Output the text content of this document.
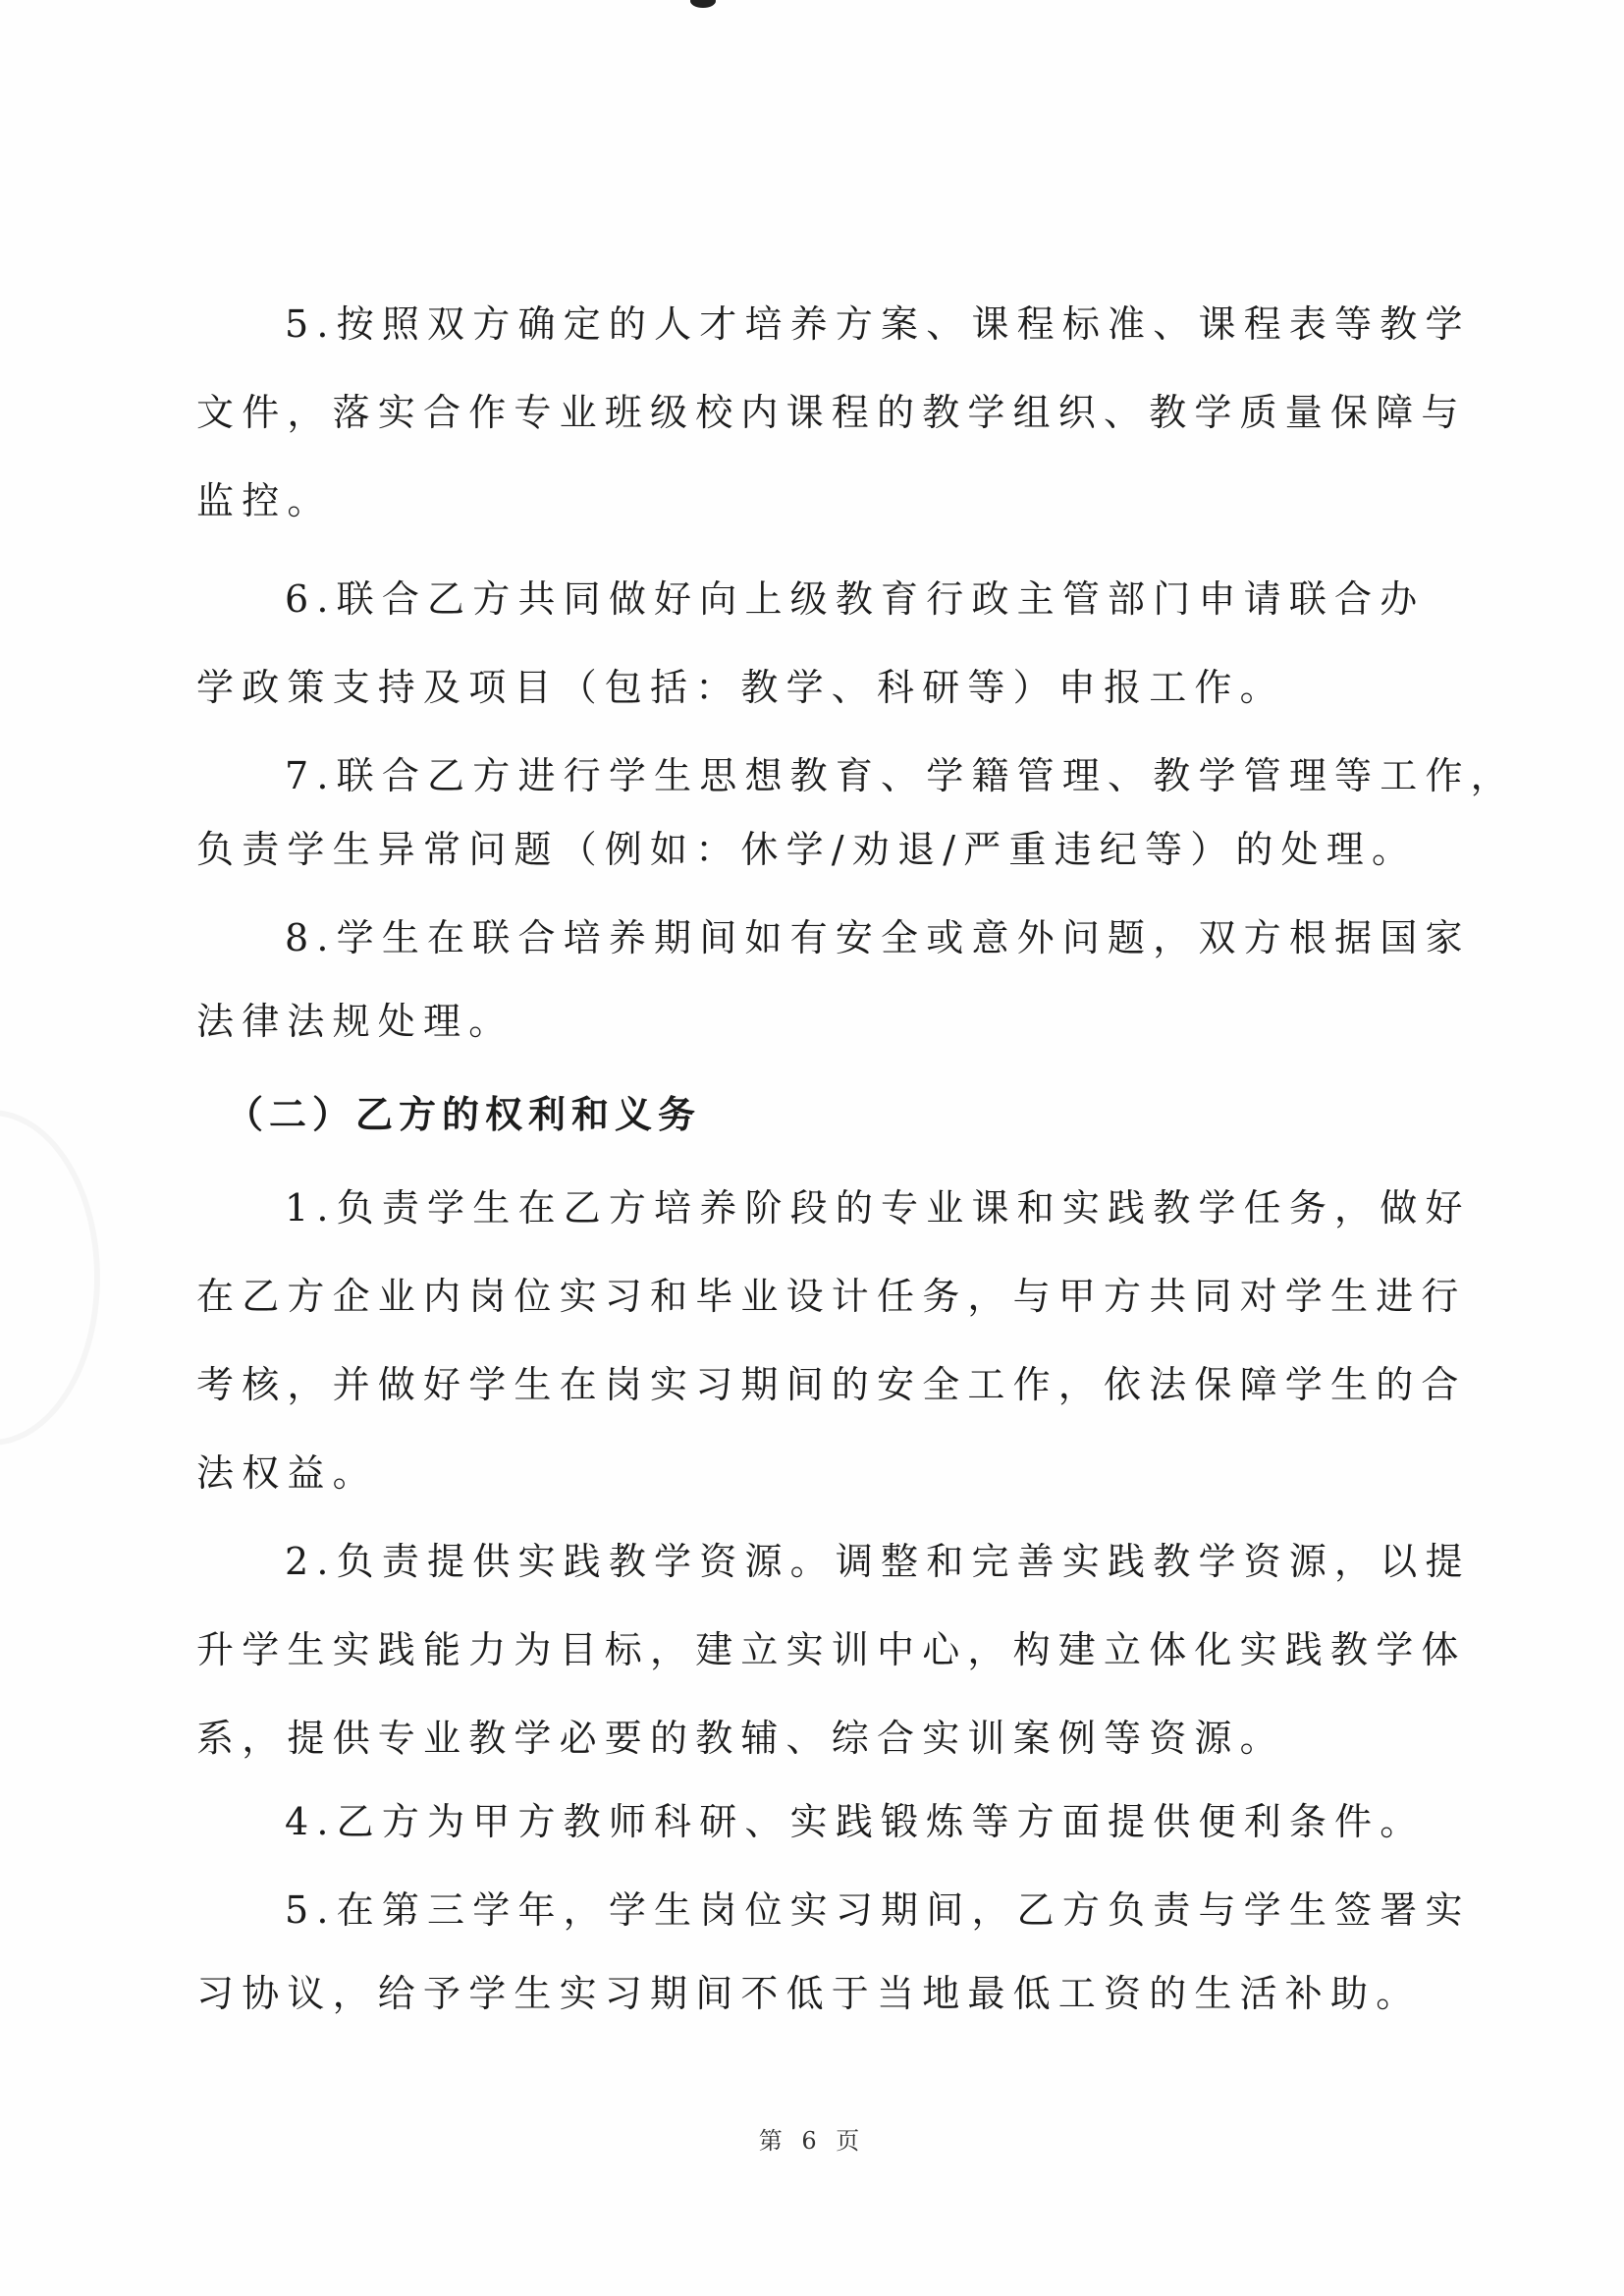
5.按照双方确定的人才培养方案、课程标准、课程表等教学
文件，落实合作专业班级校内课程的教学组织、教学质量保障与
监控。
6.联合乙方共同做好向上级教育行政主管部门申请联合办
学政策支持及项目（包括：教学、科研等）申报工作。
7.联合乙方进行学生思想教育、学籍管理、教学管理等工作，
负责学生异常问题（例如：休学/劝退/严重违纪等）的处理。
8.学生在联合培养期间如有安全或意外问题，双方根据国家
法律法规处理。
（二）乙方的权利和义务
1.负责学生在乙方培养阶段的专业课和实践教学任务，做好
在乙方企业内岗位实习和毕业设计任务，与甲方共同对学生进行
考核，并做好学生在岗实习期间的安全工作，依法保障学生的合
法权益。
2.负责提供实践教学资源。调整和完善实践教学资源，以提
升学生实践能力为目标，建立实训中心，构建立体化实践教学体
系，提供专业教学必要的教辅、综合实训案例等资源。
4.乙方为甲方教师科研、实践锻炼等方面提供便利条件。
5.在第三学年，学生岗位实习期间，乙方负责与学生签署实
习协议，给予学生实习期间不低于当地最低工资的生活补助。
第 6 页
